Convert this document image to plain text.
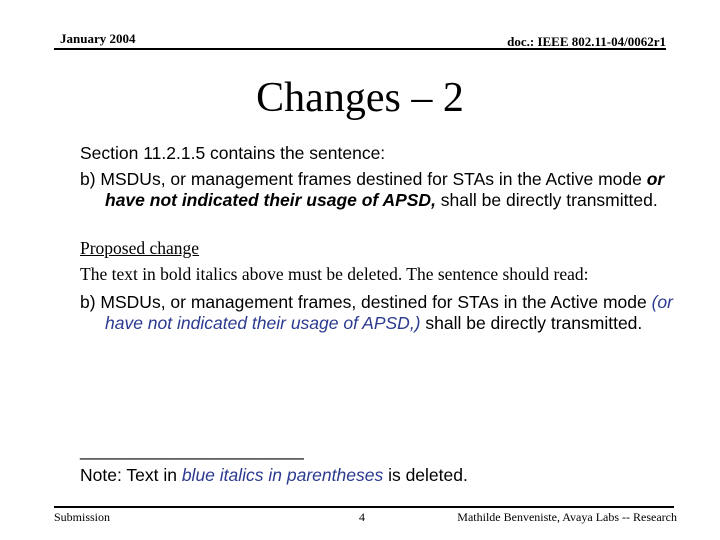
January 2004	doc.: IEEE 802.11-04/0062r1
Changes – 2
Section 11.2.1.5 contains the sentence:
b) MSDUs, or management frames destined for STAs in the Active mode or have not indicated their usage of APSD, shall be directly transmitted.
Proposed change
The text in bold italics above must be deleted. The sentence should read:
b) MSDUs, or management frames, destined for STAs in the Active mode (or have not indicated their usage of APSD,) shall be directly transmitted.
_______________________
Note: Text in blue italics in parentheses is deleted.
Submission	4	Mathilde Benveniste, Avaya Labs -- Research
